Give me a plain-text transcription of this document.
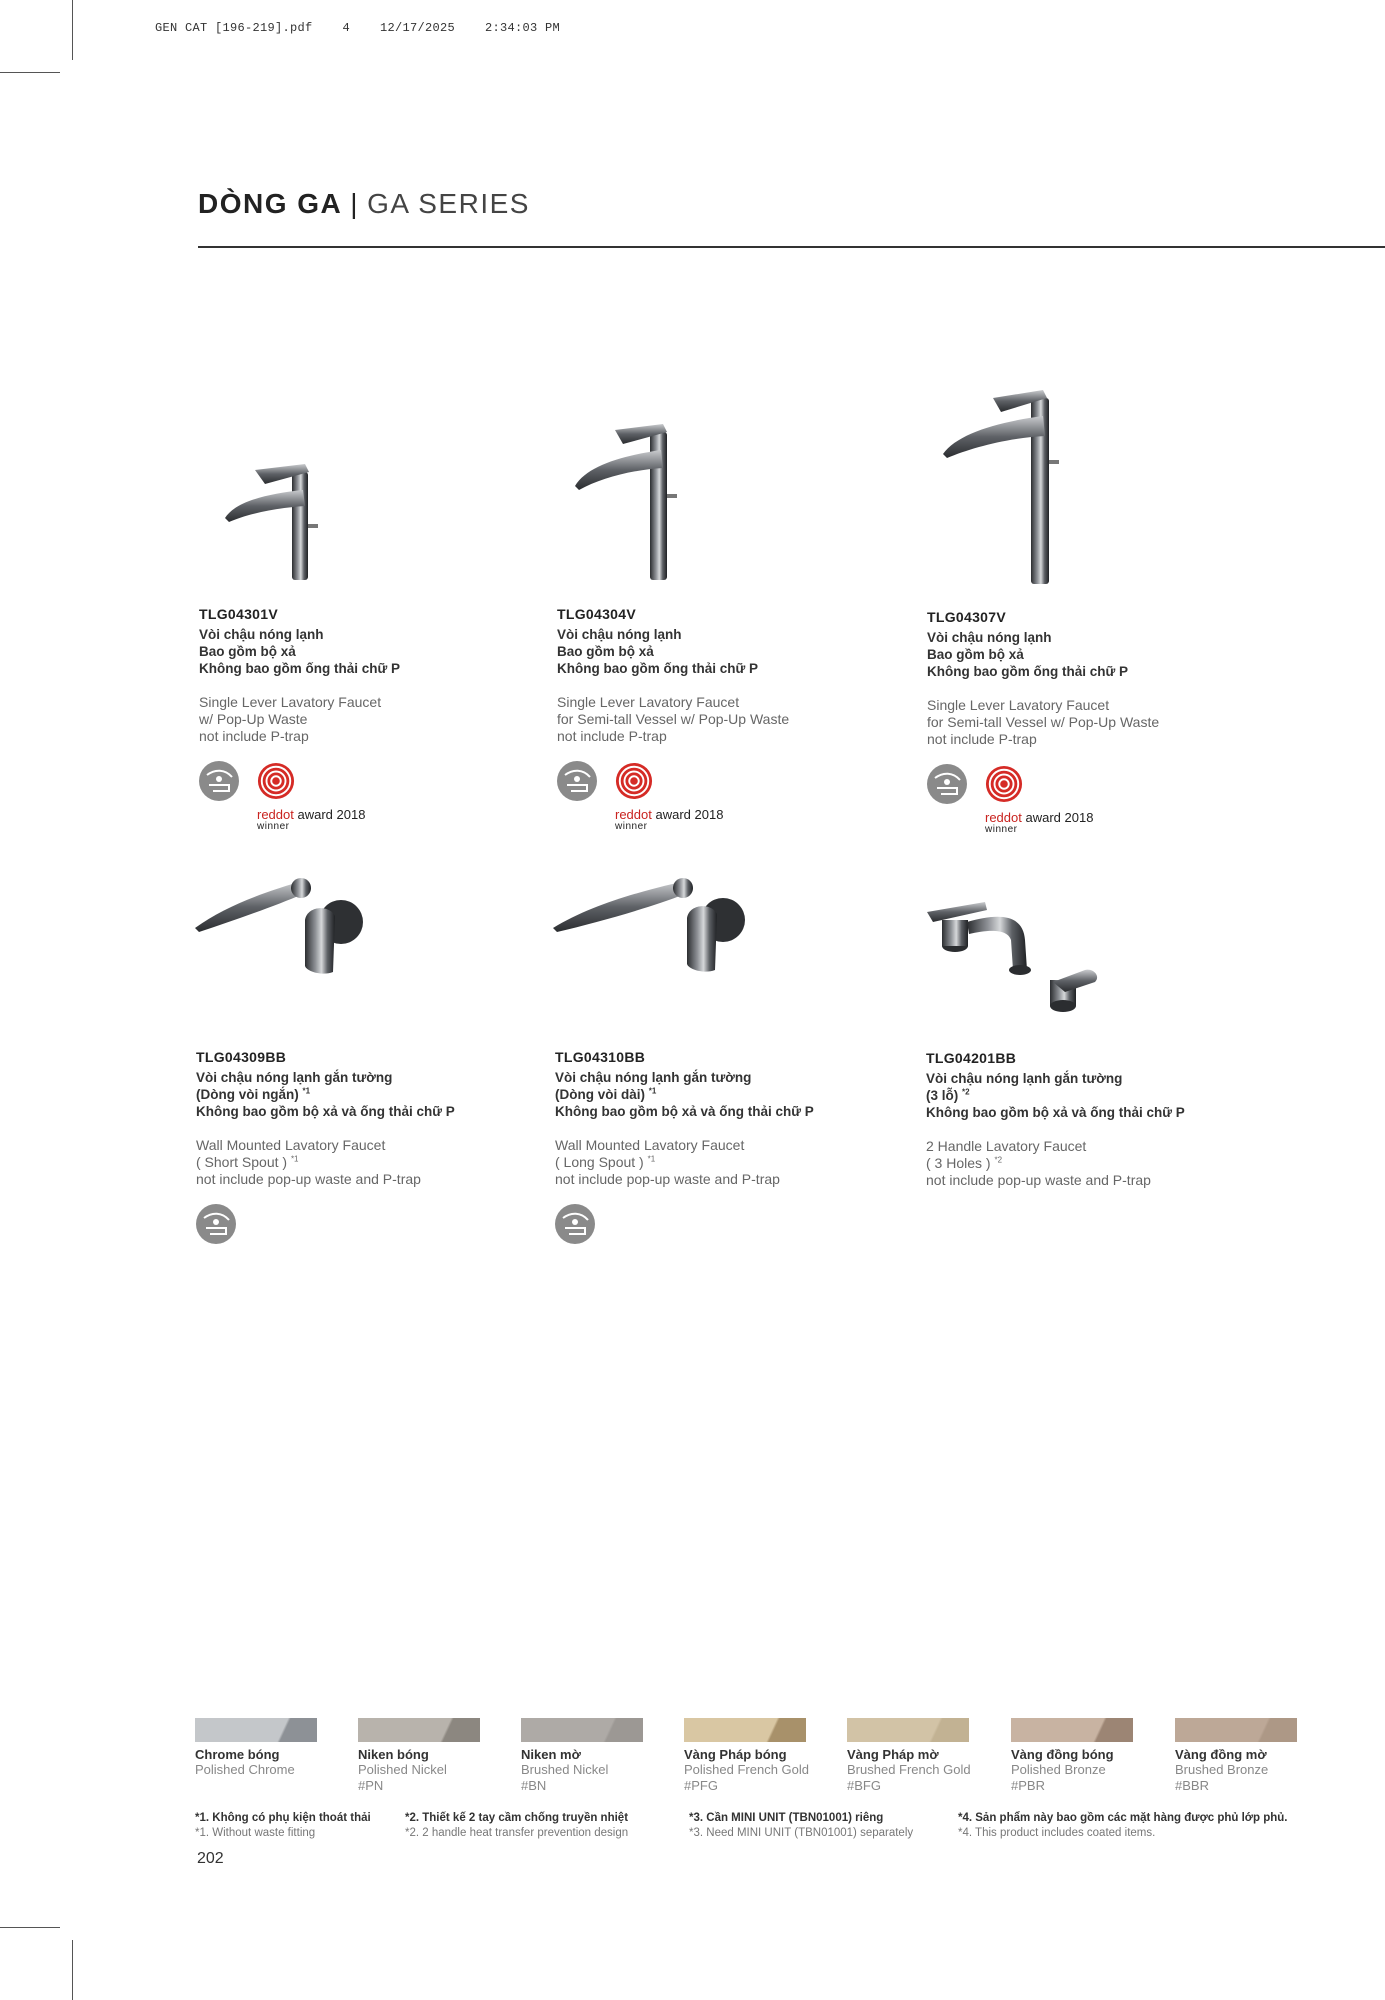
GEN CAT [196-219].pdf    4    12/17/2025    2:34:03 PM
DÒNG GA | GA SERIES
TLG04301V
Vòi chậu nóng lạnh
Bao gồm bộ xả
Không bao gồm ống thải chữ P
Single Lever Lavatory Faucet
w/ Pop-Up Waste
not include P-trap
reddot award 2018
winner
TLG04304V
Vòi chậu nóng lạnh
Bao gồm bộ xả
Không bao gồm ống thải chữ P
Single Lever Lavatory Faucet
for Semi-tall Vessel w/ Pop-Up Waste
not include P-trap
reddot award 2018
winner
TLG04307V
Vòi chậu nóng lạnh
Bao gồm bộ xả
Không bao gồm ống thải chữ P
Single Lever Lavatory Faucet
for Semi-tall Vessel w/ Pop-Up Waste
not include P-trap
reddot award 2018
winner
TLG04309BB
Vòi chậu nóng lạnh gắn tường
(Dòng vòi ngắn) $^{*1}$
Không bao gồm bộ xả và ống thải chữ P
Wall Mounted Lavatory Faucet
( Short Spout ) $^{*1}$
not include pop-up waste and P-trap
TLG04310BB
Vòi chậu nóng lạnh gắn tường
(Dòng vòi dài) $^{*1}$
Không bao gồm bộ xả và ống thải chữ P
Wall Mounted Lavatory Faucet
( Long Spout ) $^{*1}$
not include pop-up waste and P-trap
TLG04201BB
Vòi chậu nóng lạnh gắn tường
(3 lỗ) $^{*2}$
Không bao gồm bộ xả và ống thải chữ P
2 Handle Lavatory Faucet
( 3 Holes ) $^{*2}$
not include pop-up waste and P-trap
Chrome bóng
Polished Chrome
Niken bóng
Polished Nickel
#PN
Niken mờ
Brushed Nickel
#BN
Vàng Pháp bóng
Polished French Gold
#PFG
Vàng Pháp mờ
Brushed French Gold
#BFG
Vàng đồng bóng
Polished Bronze
#PBR
Vàng đồng mờ
Brushed Bronze
#BBR
*1. Không có phụ kiện thoát thải
*1. Without waste fitting
*2. Thiết kế 2 tay cầm chống truyền nhiệt
*2. 2 handle heat transfer prevention design
*3. Cần MINI UNIT (TBN01001) riêng
*3. Need MINI UNIT (TBN01001) separately
*4. Sản phẩm này bao gồm các mặt hàng được phủ lớp phủ.
*4. This product includes coated items.
202
